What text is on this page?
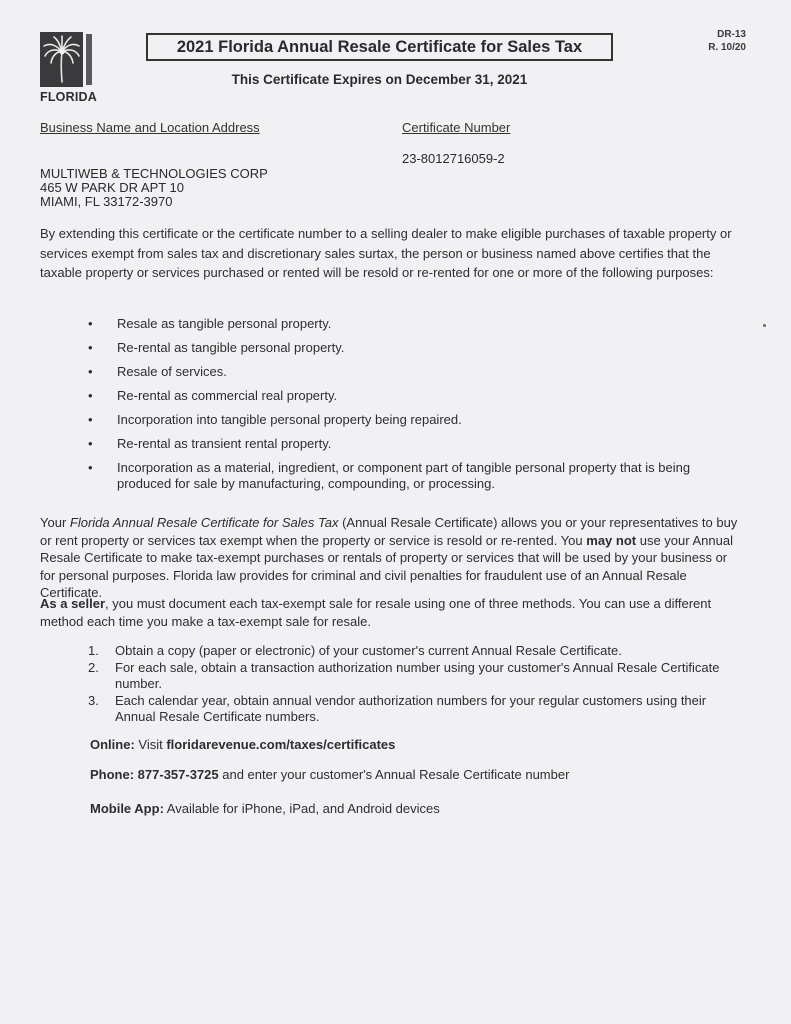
FLORIDA
2021 Florida Annual Resale Certificate for Sales Tax
This Certificate Expires on December 31, 2021
DR-13
R. 10/20
Business Name and Location Address	Certificate Number
23-8012716059-2
MULTIWEB & TECHNOLOGIES CORP
465 W PARK DR APT 10
MIAMI, FL 33172-3970
By extending this certificate or the certificate number to a selling dealer to make eligible purchases of taxable property or services exempt from sales tax and discretionary sales surtax, the person or business named above certifies that the taxable property or services purchased or rented will be resold or re-rented for one or more of the following purposes:
• Resale as tangible personal property.
• Re-rental as tangible personal property.
• Resale of services.
• Re-rental as commercial real property.
• Incorporation into tangible personal property being repaired.
• Re-rental as transient rental property.
• Incorporation as a material, ingredient, or component part of tangible personal property that is being produced for sale by manufacturing, compounding, or processing.
Your Florida Annual Resale Certificate for Sales Tax (Annual Resale Certificate) allows you or your representatives to buy or rent property or services tax exempt when the property or service is resold or re-rented. You may not use your Annual Resale Certificate to make tax-exempt purchases or rentals of property or services that will be used by your business or for personal purposes. Florida law provides for criminal and civil penalties for fraudulent use of an Annual Resale Certificate.
As a seller, you must document each tax-exempt sale for resale using one of three methods. You can use a different method each time you make a tax-exempt sale for resale.
1. Obtain a copy (paper or electronic) of your customer's current Annual Resale Certificate.
2. For each sale, obtain a transaction authorization number using your customer's Annual Resale Certificate number.
3. Each calendar year, obtain annual vendor authorization numbers for your regular customers using their Annual Resale Certificate numbers.
Online: Visit floridarevenue.com/taxes/certificates
Phone: 877-357-3725 and enter your customer's Annual Resale Certificate number
Mobile App: Available for iPhone, iPad, and Android devices
